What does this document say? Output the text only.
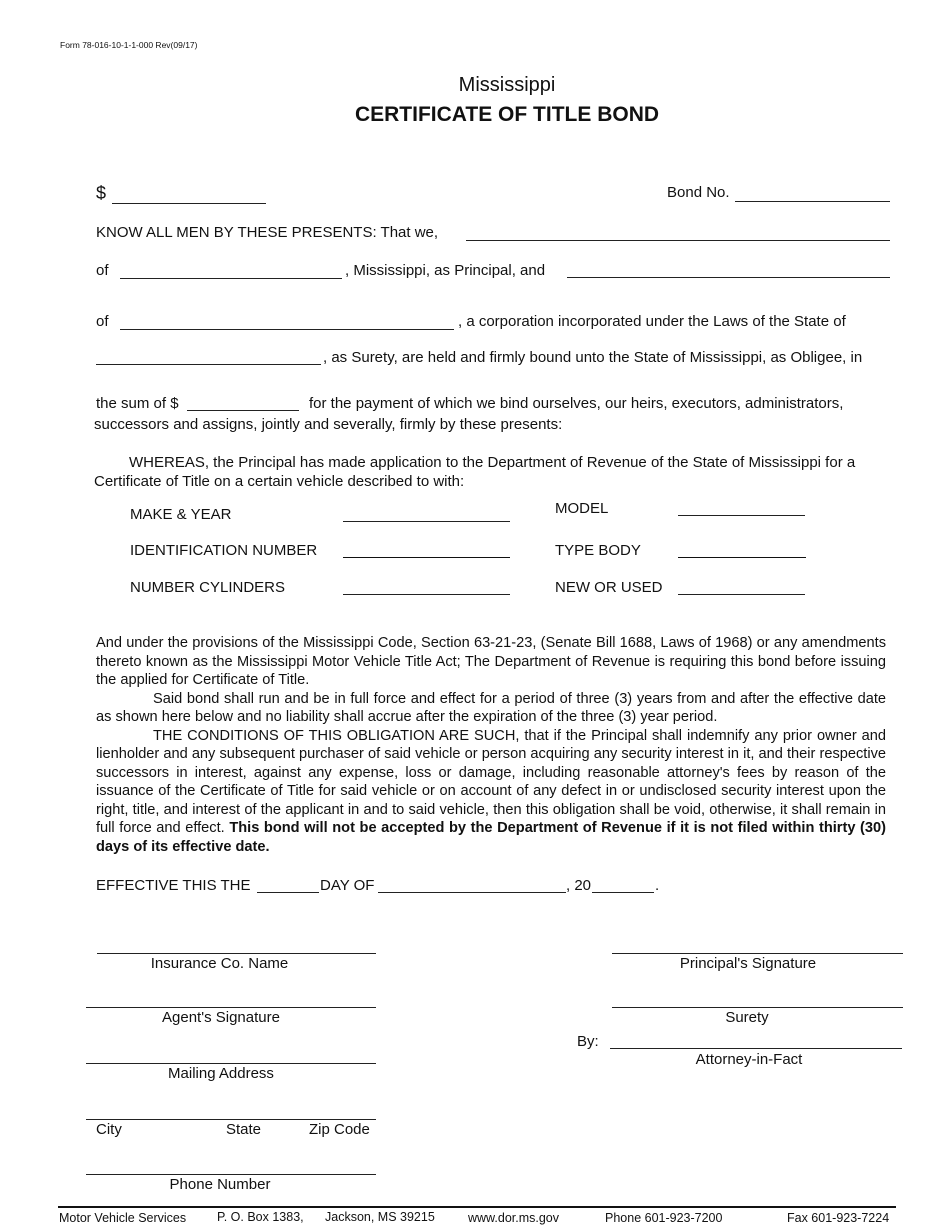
Form 78-016-10-1-1-000 Rev(09/17)
Mississippi
CERTIFICATE OF TITLE BOND
$	Bond No.
KNOW ALL MEN BY THESE PRESENTS: That we,
of	, Mississippi, as Principal, and
of	, a corporation incorporated under the Laws of the State of
, as Surety, are held and firmly bound unto the State of Mississippi, as Obligee, in
the sum of $	for the payment of which we bind ourselves, our heirs, executors, administrators,
successors and assigns, jointly and severally, firmly by these presents:
WHEREAS, the Principal has made application to the Department of Revenue of the State of Mississippi for a
Certificate of Title on a certain vehicle described to with:
MAKE & YEAR	MODEL
IDENTIFICATION NUMBER	TYPE BODY
NUMBER CYLINDERS	NEW OR USED

And under the provisions of the Mississippi Code, Section 63-21-23, (Senate Bill 1688, Laws of 1968) or any amendments thereto known as the Mississippi Motor Vehicle Title Act; The Department of Revenue is requiring this bond before issuing the applied for Certificate of Title.

Said bond shall run and be in full force and effect for a period of three (3) years from and after the effective date as shown here below and no liability shall accrue after the expiration of the three (3) year period.

THE CONDITIONS OF THIS OBLIGATION ARE SUCH, that if the Principal shall indemnify any prior owner and lienholder and any subsequent purchaser of said vehicle or person acquiring any security interest in it, and their respective successors in interest, against any expense, loss or damage, including reasonable attorney's fees by reason of the issuance of the Certificate of Title for said vehicle or on account of any defect in or undisclosed security interest upon the right, title, and interest of the applicant in and to said vehicle, then this obligation shall be void, otherwise, it shall remain in full force and effect. This bond will not be accepted by the Department of Revenue if it is not filed within thirty (30) days of its effective date.

EFFECTIVE THIS THE	DAY OF	, 20	.
Insurance Co. Name
Agent's Signature
Mailing Address
City	State	Zip Code
Phone Number
Principal's Signature
Surety
By:
Attorney-in-Fact
Motor Vehicle Services P. O. Box 1383, Jackson, MS 39215	www.dor.ms.gov	Phone 601-923-7200	Fax 601-923-7224
